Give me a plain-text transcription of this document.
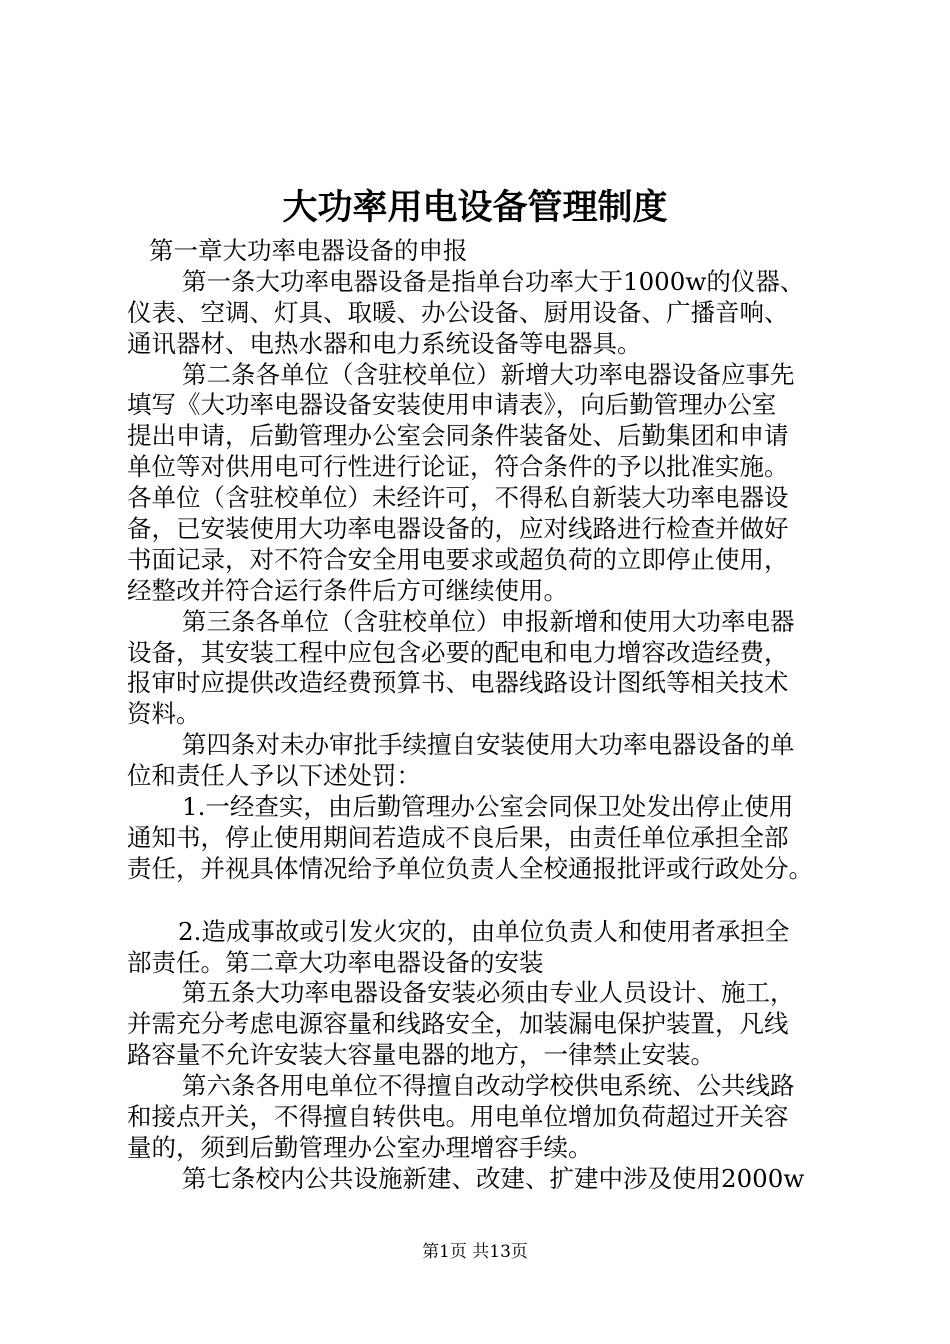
大功率用电设备管理制度
第一章大功率电器设备的申报
第一条大功率电器设备是指单台功率大于1000w的仪器、
仪表、空调、灯具、取暖、办公设备、厨用设备、广播音响、
通讯器材、电热水器和电力系统设备等电器具。
第二条各单位（含驻校单位）新增大功率电器设备应事先
填写《大功率电器设备安装使用申请表》，向后勤管理办公室
提出申请，后勤管理办公室会同条件装备处、后勤集团和申请
单位等对供用电可行性进行论证，符合条件的予以批准实施。
各单位（含驻校单位）未经许可，不得私自新装大功率电器设
备，已安装使用大功率电器设备的，应对线路进行检查并做好
书面记录，对不符合安全用电要求或超负荷的立即停止使用，
经整改并符合运行条件后方可继续使用。
第三条各单位（含驻校单位）申报新增和使用大功率电器
设备，其安装工程中应包含必要的配电和电力增容改造经费，
报审时应提供改造经费预算书、电器线路设计图纸等相关技术
资料。
第四条对未办审批手续擅自安装使用大功率电器设备的单
位和责任人予以下述处罚：
1.一经查实，由后勤管理办公室会同保卫处发出停止使用
通知书，停止使用期间若造成不良后果，由责任单位承担全部
责任，并视具体情况给予单位负责人全校通报批评或行政处分。
2.造成事故或引发火灾的，由单位负责人和使用者承担全
部责任。第二章大功率电器设备的安装
第五条大功率电器设备安装必须由专业人员设计、施工，
并需充分考虑电源容量和线路安全，加装漏电保护装置，凡线
路容量不允许安装大容量电器的地方，一律禁止安装。
第六条各用电单位不得擅自改动学校供电系统、公共线路
和接点开关，不得擅自转供电。用电单位增加负荷超过开关容
量的，须到后勤管理办公室办理增容手续。
第七条校内公共设施新建、改建、扩建中涉及使用2000w
第1页 共13页
